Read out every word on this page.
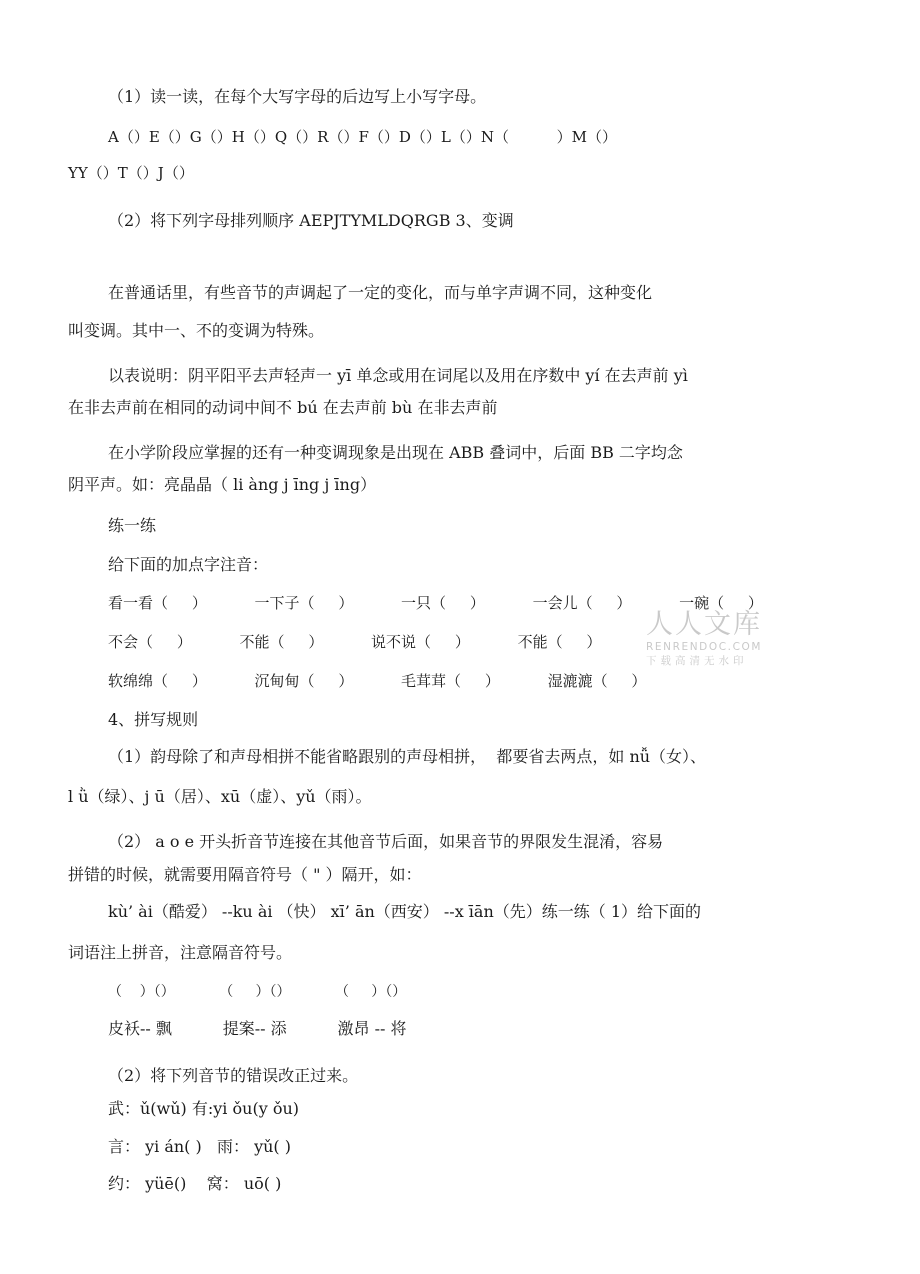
（1）读一读，在每个大写字母的后边写上小写字母。
A（）E（）G（）H（）Q（）R（）F（）D（）L（）N（          ）M（）
YY（）T（）J（）
（2）将下列字母排列顺序 AEPJTYMLDQRGB 3、变调
在普通话里，有些音节的声调起了一定的变化，而与单字声调不同，这种变化
叫变调。其中一、不的变调为特殊。
以表说明：阴平阳平去声轻声一 yī 单念或用在词尾以及用在序数中 yí 在去声前 yì
在非去声前在相同的动词中间不 bú 在去声前 bù 在非去声前
在小学阶段应掌握的还有一种变调现象是出现在 ABB 叠词中，后面 BB 二字均念
阴平声。如：亮晶晶（ li àng j īng j īng）
练一练
给下面的加点字注音：
看一看（     ）          一下子（     ）          一只（     ）          一会儿（     ）          一碗（     ）
不会（     ）          不能（     ）          说不说（     ）          不能（     ）
软绵绵（     ）          沉甸甸（     ）          毛茸茸（     ）          湿漉漉（     ）
4、拼写规则
（1）韵母除了和声母相拼不能省略跟别的声母相拼，  都要省去两点，如 nǚ（女）、
l ǜ（绿）、j ū（居）、xū（虚）、yǔ（雨）。
（2） a o e 开头折音节连接在其他音节后面，如果音节的界限发生混淆，容易
拼错的时候，就需要用隔音符号（ " ）隔开，如：
kù’ ài（酷爱） --ku ài （快） xī’ ān（西安） --x īān（先）练一练（ 1）给下面的
词语注上拼音，注意隔音符号。
（    ）（）          （     ）（）          （     ）（）
皮袄-- 飘          提案-- 添          激昂 -- 将
（2）将下列音节的错误改正过来。
武：ǔ(wǔ) 有:yi ǒu(y ǒu)
言： yi án( )   雨： yǔ( )
约： yüē()    窝： uō( )
人人文库
RENRENDOC.COM
下载高清无水印
